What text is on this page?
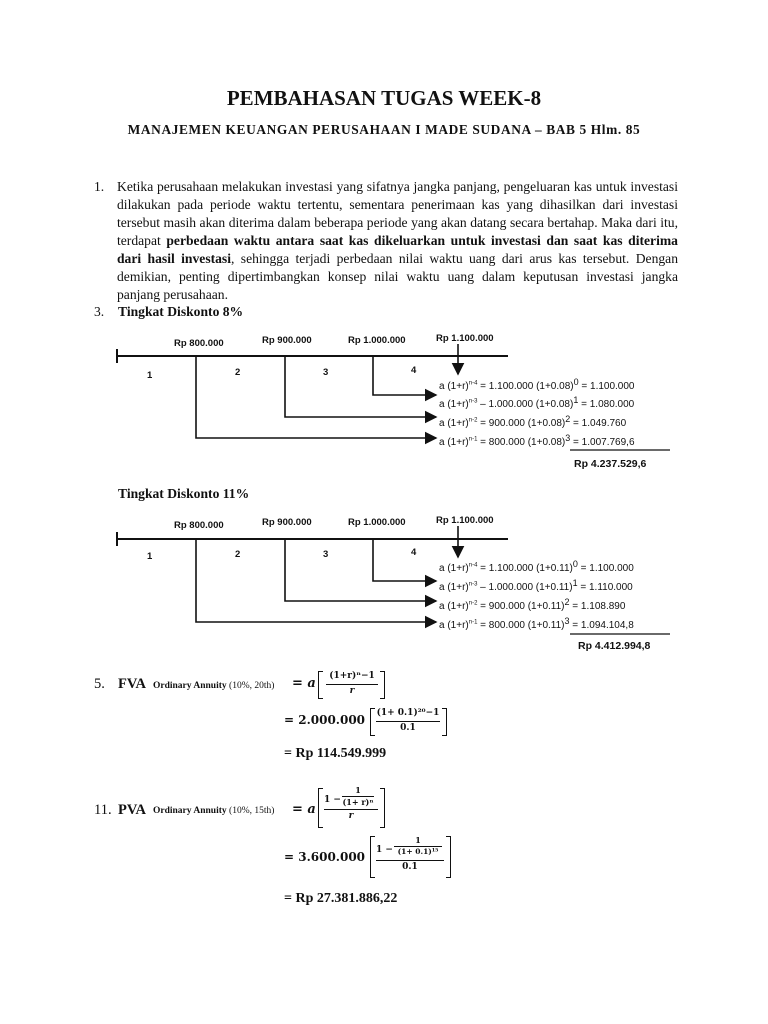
PEMBAHASAN TUGAS WEEK-8
MANAJEMEN KEUANGAN PERUSAHAAN I MADE SUDANA – BAB 5 Hlm. 85
1. Ketika perusahaan melakukan investasi yang sifatnya jangka panjang, pengeluaran kas untuk investasi dilakukan pada periode waktu tertentu, sementara penerimaan kas yang dihasilkan dari investasi tersebut masih akan diterima dalam beberapa periode yang akan datang secara bertahap. Maka dari itu, terdapat perbedaan waktu antara saat kas dikeluarkan untuk investasi dan saat kas diterima dari hasil investasi, sehingga terjadi perbedaan nilai waktu uang dari arus kas tersebut. Dengan demikian, penting dipertimbangkan konsep nilai waktu uang dalam keputusan investasi jangka panjang perusahaan.
3. Tingkat Diskonto 8%
Rp 800.000	Rp 900.000	Rp 1.000.000	Rp 1.100.000
1	2	3	4
a $(1+r)^{n-4} = 1.100.000$ (1+0.08)0 = 1.100.000
a $(1+r)^{n-3} - 1.000.000$ (1+0.08)1 = 1.080.000
a $(1+r)^{n-2} = 900.000$ (1+0.08)2 = 1.049.760
a $(1+r)^{n-1} = 800.000$ (1+0.08)3 = 1.007.769,6
Rp 4.237.529,6
Tingkat Diskonto 11%
Rp 800.000	Rp 900.000	Rp 1.000.000	Rp 1.100.000
1	2	3	4
a $(1+r)^{n-4} = 1.100.000$ (1+0.11)0 = 1.100.000
a $(1+r)^{n-3} - 1.000.000$ (1+0.11)1 = 1.110.000
a $(1+r)^{n-2} = 900.000$ (1+0.11)2 = 1.108.890
a $(1+r)^{n-1} = 800.000$ (1+0.11)3 = 1.094.104,8
Rp 4.412.994,8
5. FVA Ordinary Annuity (10%, 20th) = a	(1+r)ⁿ−1
r
= 2.000.000 (1+ 0.1)²⁰−1
0.1
= Rp 114.549.999
11. PVA Ordinary Annuity (10%, 15th) = a
1 −
1
(1+ r)ⁿ
r
= 3.600.000 1 −
1
(1+ 0.1)¹⁵
0.1
= Rp 27.381.886,22
